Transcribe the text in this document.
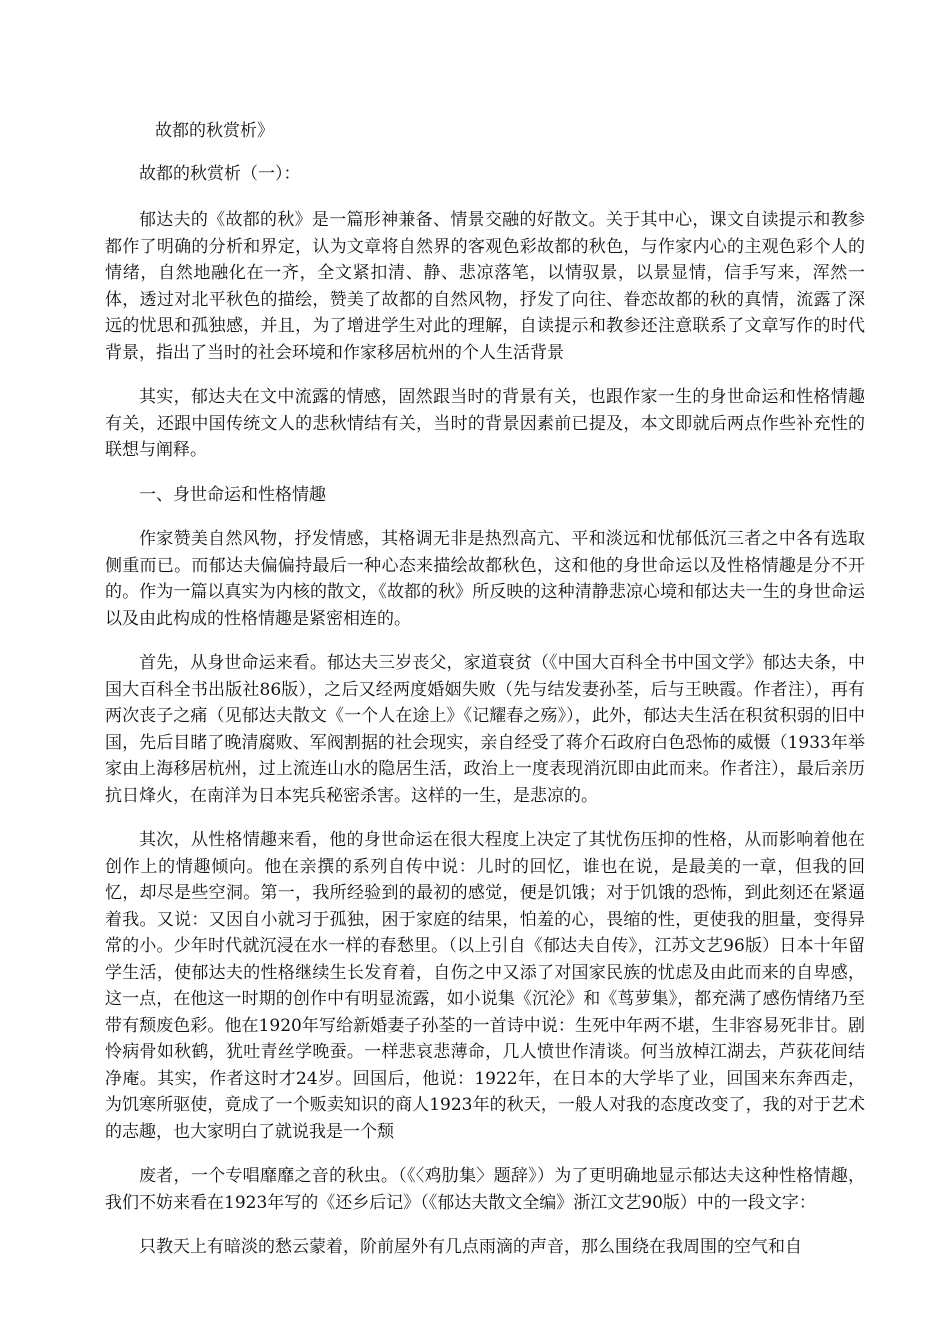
故都的秋赏析》

故都的秋赏析（一）：

郁达夫的《故都的秋》是一篇形神兼备、情景交融的好散文。关于其中心，课文自读提示和教参都作了明确的分析和界定，认为文章将自然界的客观色彩故都的秋色，与作家内心的主观色彩个人的情绪，自然地融化在一齐，全文紧扣清、静、悲凉落笔，以情驭景，以景显情，信手写来，浑然一体，透过对北平秋色的描绘，赞美了故都的自然风物，抒发了向往、眷恋故都的秋的真情，流露了深远的忧思和孤独感，并且，为了增进学生对此的理解，自读提示和教参还注意联系了文章写作的时代背景，指出了当时的社会环境和作家移居杭州的个人生活背景

其实，郁达夫在文中流露的情感，固然跟当时的背景有关，也跟作家一生的身世命运和性格情趣有关，还跟中国传统文人的悲秋情结有关，当时的背景因素前已提及，本文即就后两点作些补充性的联想与阐释。

一、身世命运和性格情趣

作家赞美自然风物，抒发情感，其格调无非是热烈高亢、平和淡远和忧郁低沉三者之中各有选取侧重而已。而郁达夫偏偏持最后一种心态来描绘故都秋色，这和他的身世命运以及性格情趣是分不开的。作为一篇以真实为内核的散文，《故都的秋》所反映的这种清静悲凉心境和郁达夫一生的身世命运以及由此构成的性格情趣是紧密相连的。

首先，从身世命运来看。郁达夫三岁丧父，家道衰贫（《中国大百科全书中国文学》郁达夫条，中国大百科全书出版社86版），之后又经两度婚姻失败（先与结发妻孙荃，后与王映霞。作者注），再有两次丧子之痛（见郁达夫散文《一个人在途上》《记耀春之殇》），此外，郁达夫生活在积贫积弱的旧中国，先后目睹了晚清腐败、军阀割据的社会现实，亲自经受了蒋介石政府白色恐怖的威慑（1933年举家由上海移居杭州，过上流连山水的隐居生活，政治上一度表现消沉即由此而来。作者注），最后亲历抗日烽火，在南洋为日本宪兵秘密杀害。这样的一生，是悲凉的。

其次，从性格情趣来看，他的身世命运在很大程度上决定了其忧伤压抑的性格，从而影响着他在创作上的情趣倾向。他在亲撰的系列自传中说：儿时的回忆，谁也在说，是最美的一章，但我的回忆，却尽是些空洞。第一，我所经验到的最初的感觉，便是饥饿；对于饥饿的恐怖，到此刻还在紧逼着我。又说：又因自小就习于孤独，困于家庭的结果，怕羞的心，畏缩的性，更使我的胆量，变得异常的小。少年时代就沉浸在水一样的春愁里。（以上引自《郁达夫自传》，江苏文艺96版）日本十年留学生活，使郁达夫的性格继续生长发育着，自伤之中又添了对国家民族的忧虑及由此而来的自卑感，这一点，在他这一时期的创作中有明显流露，如小说集《沉沦》和《茑萝集》，都充满了感伤情绪乃至带有颓废色彩。他在1920年写给新婚妻子孙荃的一首诗中说：生死中年两不堪，生非容易死非甘。剧怜病骨如秋鹤，犹吐青丝学晚蚕。一样悲哀悲薄命，几人愤世作清谈。何当放棹江湖去，芦荻花间结净庵。其实，作者这时才24岁。回国后，他说：1922年，在日本的大学毕了业，回国来东奔西走，为饥寒所驱使，竟成了一个贩卖知识的商人1923年的秋天，一般人对我的态度改变了，我的对于艺术的志趣，也大家明白了就说我是一个颓

废者，一个专唱靡靡之音的秋虫。（《〈鸡肋集〉题辞》）为了更明确地显示郁达夫这种性格情趣，我们不妨来看在1923年写的《还乡后记》（《郁达夫散文全编》浙江文艺90版）中的一段文字：

只教天上有暗淡的愁云蒙着，阶前屋外有几点雨滴的声音，那么围绕在我周围的空气和自
